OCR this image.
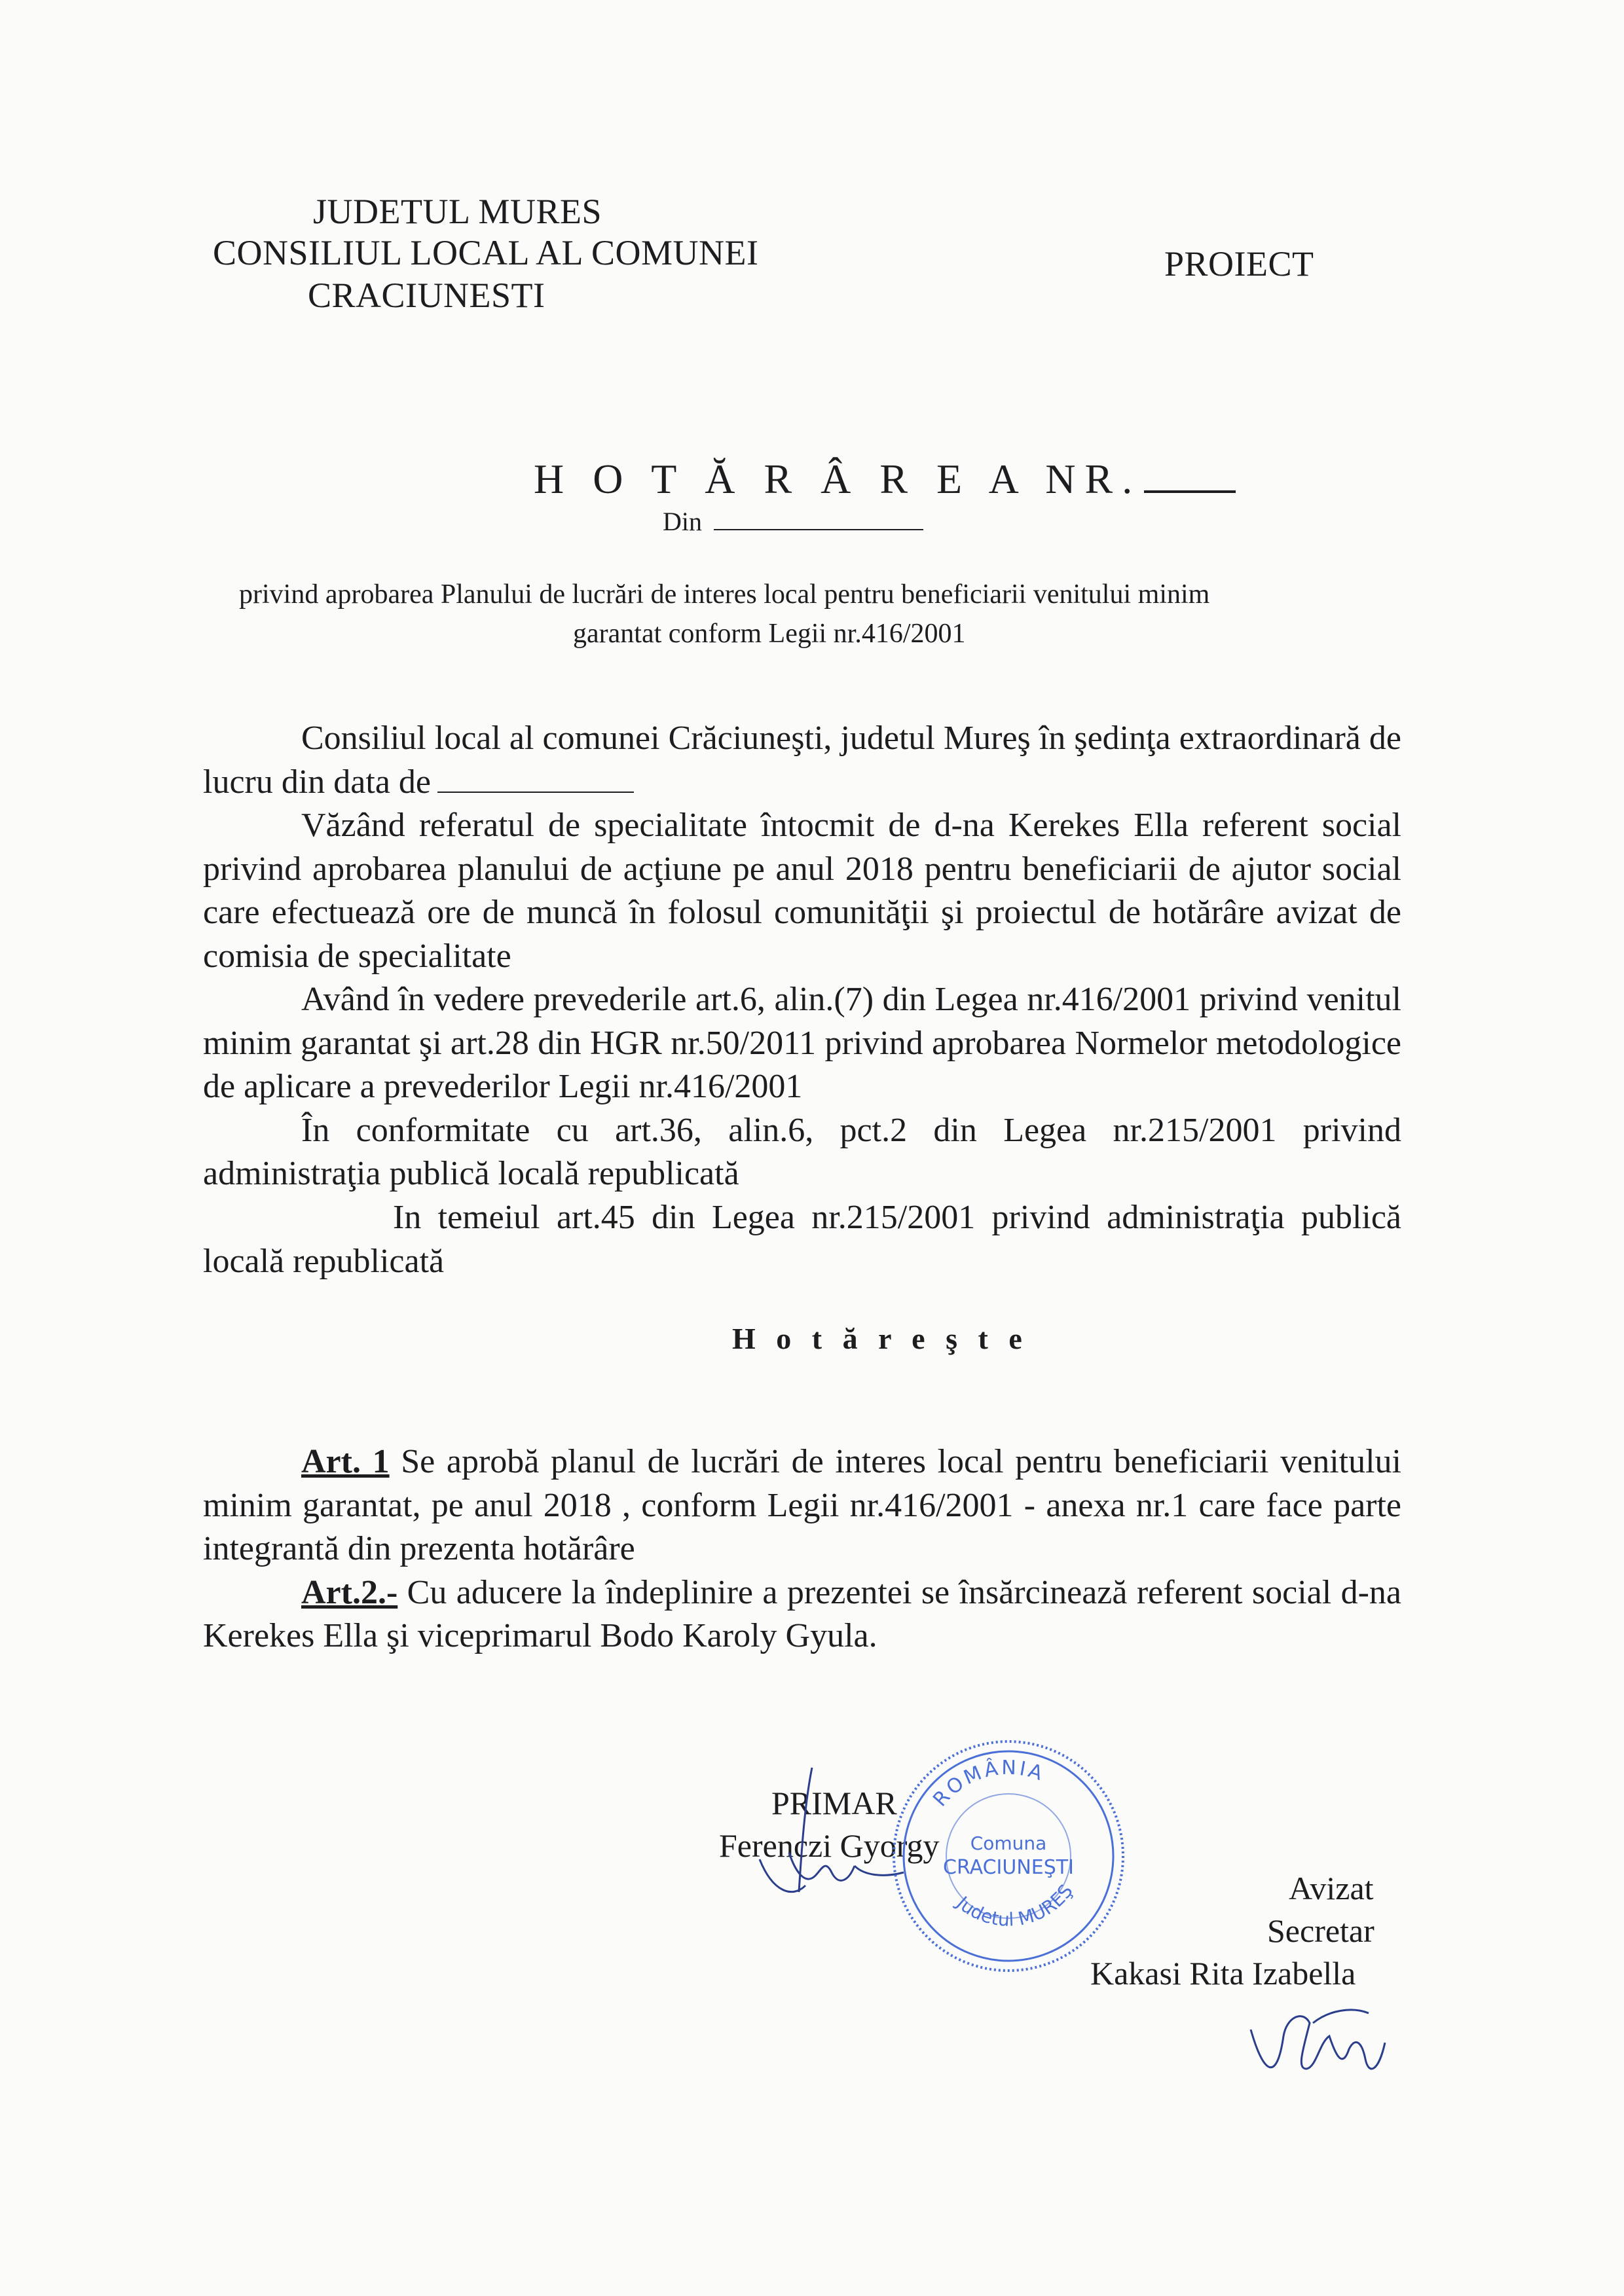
JUDETUL MURES
CONSILIUL LOCAL AL COMUNEI
CRACIUNESTI
PROIECT
H O T Ă R Â R E A NR.
Din
privind aprobarea Planului de lucrări de interes local pentru beneficiarii venitului minim
garantat conform Legii nr.416/2001

Consiliul local al comunei Crăciuneşti, judetul Mureş în şedinţa extraordinară de lucru din data de

Văzând referatul de specialitate întocmit de d-na Kerekes Ella referent social privind aprobarea planului de acţiune pe anul 2018 pentru beneficiarii de ajutor social care efectuează ore de muncă în folosul comunităţii şi proiectul de hotărâre avizat de comisia de specialitate

Având în vedere prevederile art.6, alin.(7) din Legea nr.416/2001 privind venitul minim garantat şi art.28 din HGR nr.50/2011 privind aprobarea Normelor metodologice de aplicare a prevederilor Legii nr.416/2001

În conformitate cu art.36, alin.6, pct.2 din Legea nr.215/2001 privind administraţia publică locală republicată

In temeiul art.45 din Legea nr.215/2001 privind administraţia publică locală republicată

H o t ă r e ş t e

Art. 1 Se aprobă planul de lucrări de interes local pentru beneficiarii venitului minim garantat, pe anul 2018 , conform Legii nr.416/2001 - anexa nr.1 care face parte integrantă din prezenta hotărâre

Art.2.- Cu aducere la îndeplinire a prezentei se însărcinează referent social d-na Kerekes Ella şi viceprimarul Bodo Karoly Gyula.

PRIMAR
Ferenczi Gyorgy
ROMÂNIA
Judetul MUREŞ
Comuna
CRACIUNEŞTI
Avizat
Secretar
Kakasi Rita Izabella
